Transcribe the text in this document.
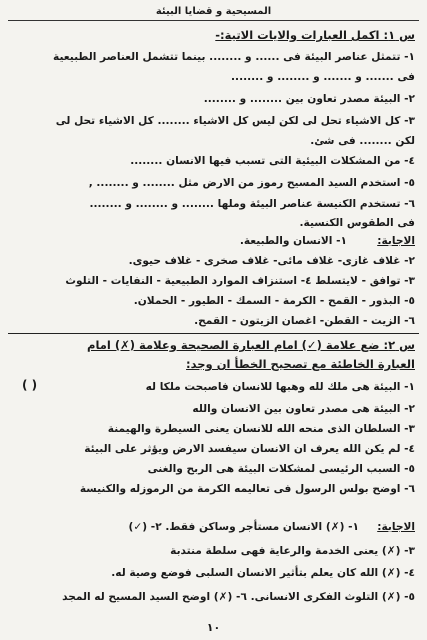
المسيحية و قضايا البيئة
س ١: اكمل العبارات والايات الاتية:-
١- تتمثل عناصر البيئة فى ...... و ........ بينما تتشمل العناصر الطبيعية
فى ....... و ....... و ........ و ........
٢- البيئة مصدر تعاون بين ........ و ........
٣- كل الاشياء تحل لى لكن ليس كل الاشياء ........ كل الاشياء تحل لى
لكن ........ فى شئ.
٤- من المشكلات البيئية التى تسبب فيها الانسان ........
٥- استخدم السيد المسيح رموز من الارض مثل ........ و ........ ,
٦- تستخدم الكنيسة عناصر البيئة وملها ........ و ........ و ........
فى الطقوس الكنسية.
الاجابة:
١- الانسان والطبيعة.
٢- غلاف غازى- غلاف مائى- غلاف صخرى - غلاف حيوى.
٣- توافق - لايتسلط ٤- استنزاف الموارد الطبيعية - النفايات - التلوث
٥- البذور - القمح - الكرمة - السمك - الطيور - الحملان.
٦- الزيت - القطن- اغصان الزيتون - القمح.
س ٢: ضع علامة (✓) امام العبارة الصحيحة وعلامة (✗) امام
العبارة الخاطئة مع تصحيح الخطأ ان وجد:
١- البيئة هى ملك لله وهبها للانسان فاصبحت ملكا له
( )
٢- البيئة هى مصدر تعاون بين الانسان والله
٣- السلطان الذى منحه الله للانسان يعنى السيطرة والهيمنة
٤- لم يكن الله يعرف ان الانسان سيفسد الارض ويؤثر على البيئة
٥- السبب الرئيسى لمشكلات البيئة هى الربح والغنى
٦- اوضح بولس الرسول فى تعاليمه الكرمة من الرموزله والكنيسة
الاجابة:
١- (✗) الانسان مستأجر وساكن فقط. ٢- (✓)
٣- (✗) يعنى الخدمة والرعاية فهى سلطة منتدبة
٤- (✗) الله كان يعلم بتأثير الانسان السلبى فوضع وصية له.
٥- (✗) التلوث الفكرى الانسانى. ٦- (✗) اوضح السيد المسيح له المجد
١٠
